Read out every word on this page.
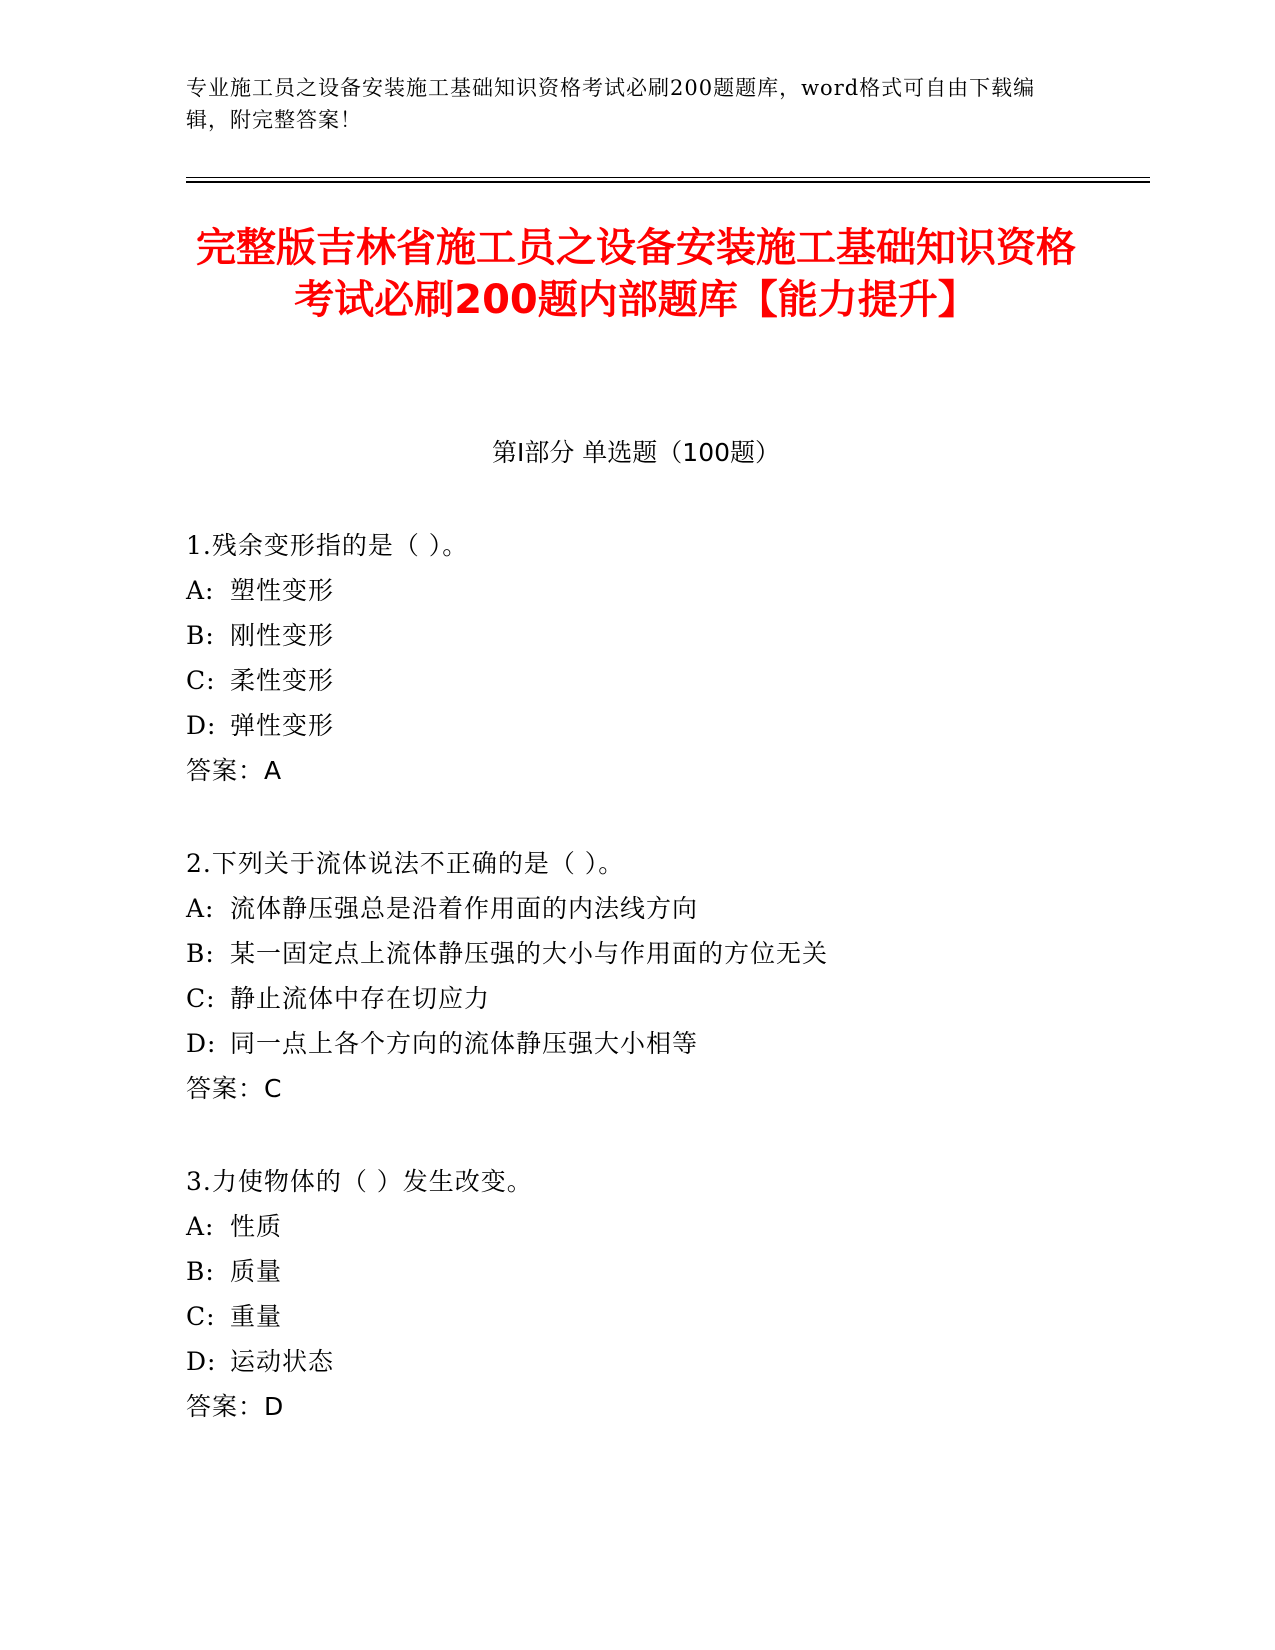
专业施工员之设备安装施工基础知识资格考试必刷200题题库，word格式可自由下载编辑，附完整答案！
完整版吉林省施工员之设备安装施工基础知识资格考试必刷200题内部题库【能力提升】
第Ⅰ部分 单选题（100题）
1.残余变形指的是（ ）。
A: 塑性变形
B: 刚性变形
C: 柔性变形
D: 弹性变形
答案：A
2.下列关于流体说法不正确的是（ ）。
A: 流体静压强总是沿着作用面的内法线方向
B: 某一固定点上流体静压强的大小与作用面的方位无关
C: 静止流体中存在切应力
D: 同一点上各个方向的流体静压强大小相等
答案：C
3.力使物体的（ ）发生改变。
A: 性质
B: 质量
C: 重量
D: 运动状态
答案：D
